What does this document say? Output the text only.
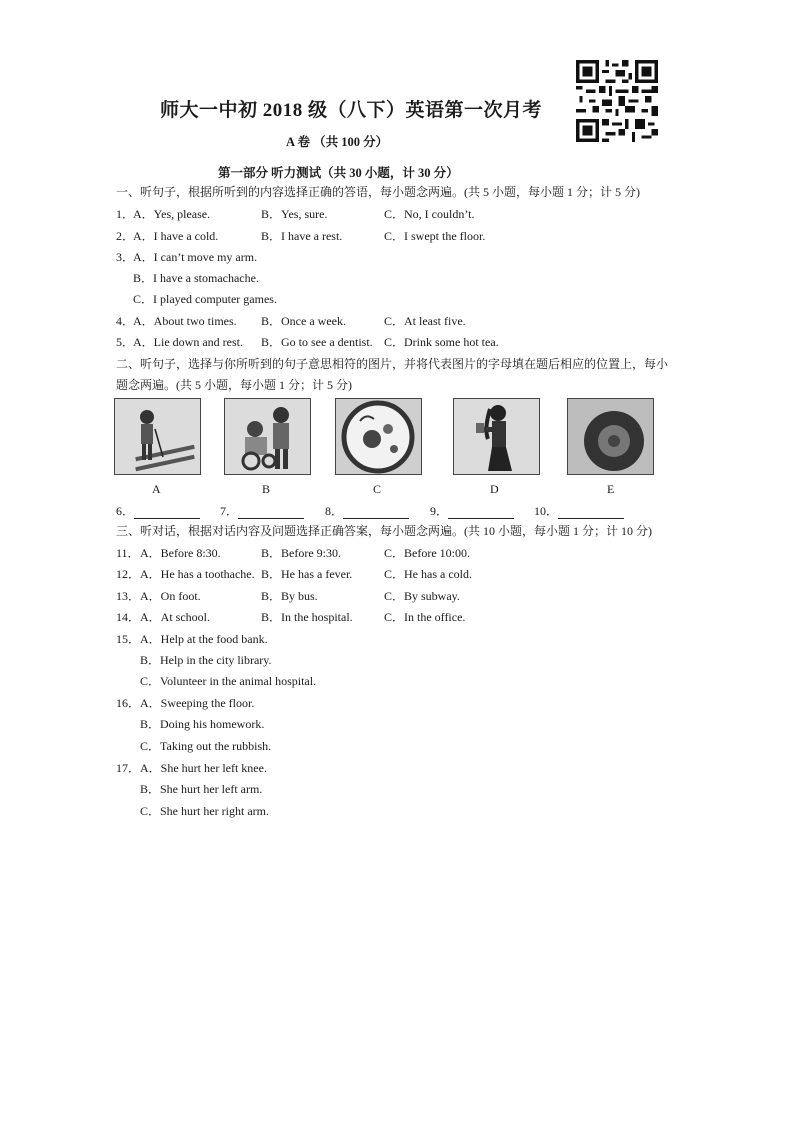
师大一中初 2018 级（八下）英语第一次月考
A 卷 （共 100 分）
第一部分 听力测试（共 30 小题，计 30 分）
一、听句子，根据所听到的内容选择正确的答语，每小题念两遍。(共 5 小题，每小题 1 分；计 5 分)
1．
A．Yes, please.	B．Yes, sure.	C．No, I couldn’t.
2．
A．I have a cold.	B．I have a rest.	C．I swept the floor.
3．
A．I can’t move my arm.
B．I have a stomachache.
C．I played computer games.
4．
A．About two times. B．Once a week.	C．At least five.
5．
A．Lie down and rest. B．Go to see a dentist. C．Drink some hot tea.
二、听句子，选择与你所听到的句子意思相符的图片，并将代表图片的字母填在题后相应的位置上，每小
题念两遍。(共 5 小题，每小题 1 分；计 5 分)
A	B	C	D	E
6．	7．	8．	9．	10．
三、听对话，根据对话内容及问题选择正确答案，每小题念两遍。(共 10 小题，每小题 1 分；计 10 分)
11． A．Before 8:30.	B．Before 9:30.	C．Before 10:00.
12． A．He has a toothache. B．He has a fever.	C．He has a cold.
13． A．On foot.	B．By bus.	C．By subway.
14． A．At school.	B．In the hospital.	C．In the office.
15． A．Help at the food bank.
B．Help in the city library.
C．Volunteer in the animal hospital.
16． A．Sweeping the floor.
B．Doing his homework.
C．Taking out the rubbish.
17． A．She hurt her left knee.
B．She hurt her left arm.
C．She hurt her right arm.
